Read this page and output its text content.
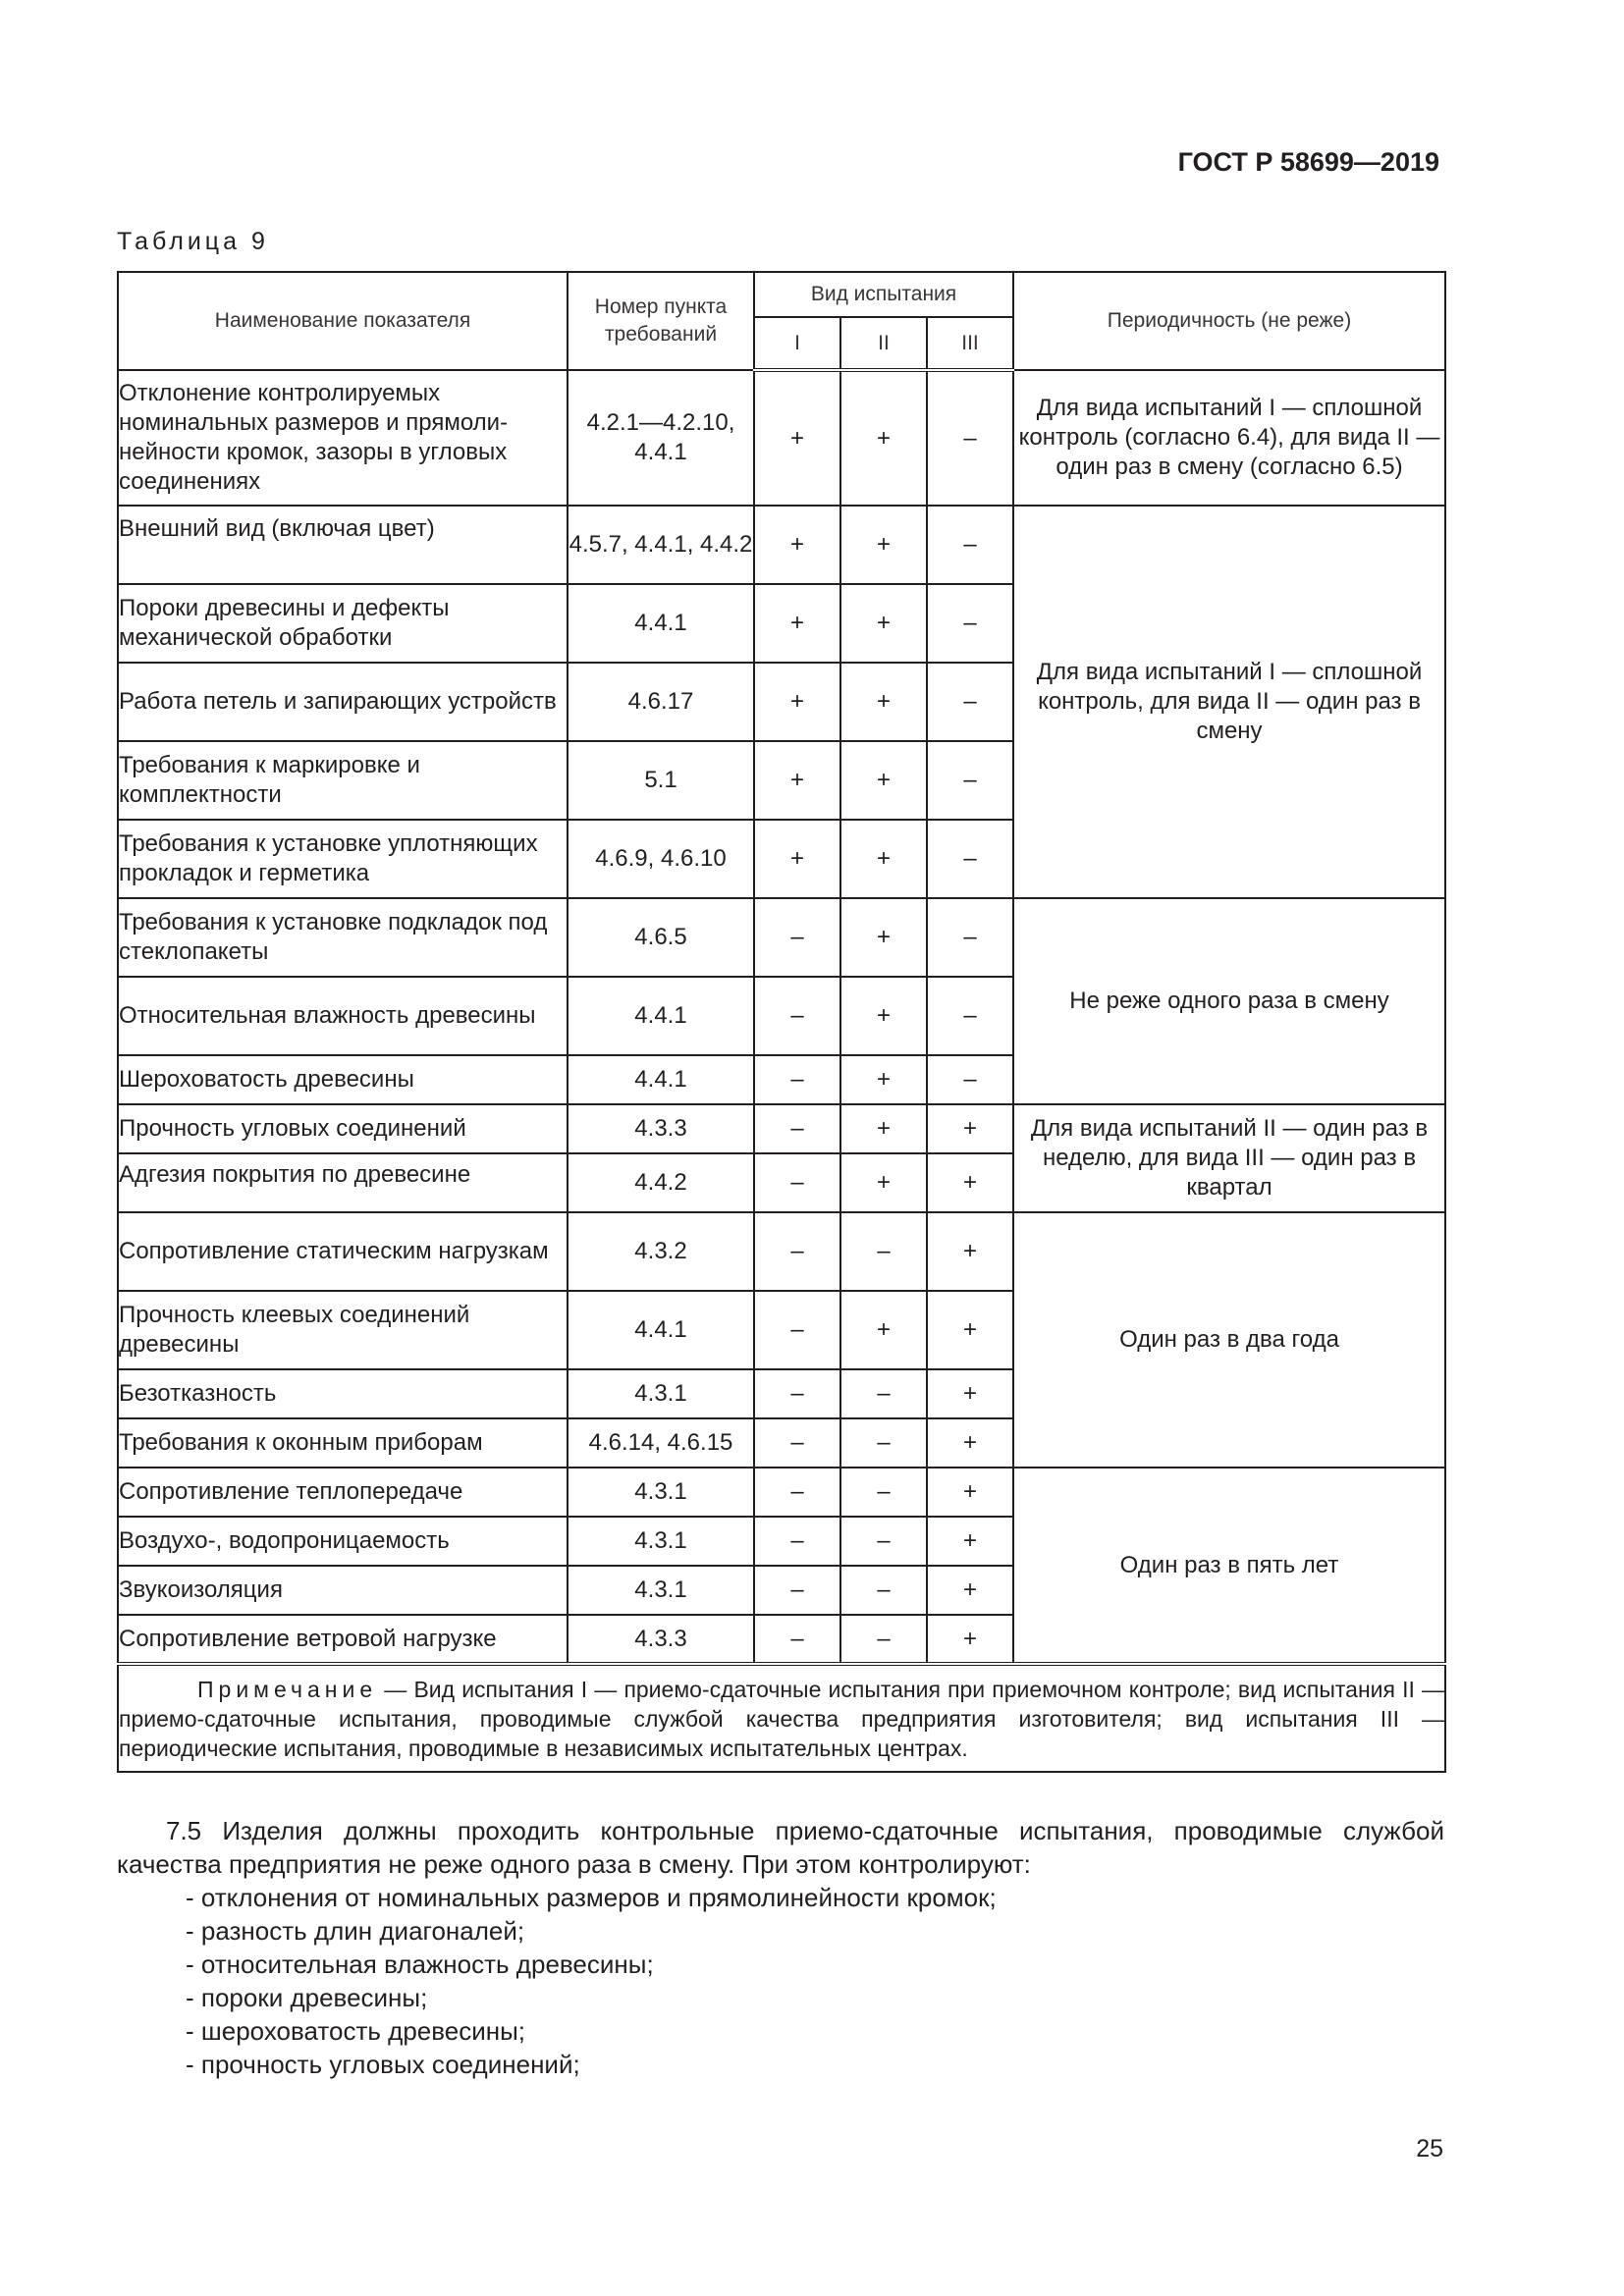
ГОСТ Р 58699—2019
Таблица 9
Наименование показателя	Номер пункта требований	Вид испытания			Периодичность (не реже)
		I	II	III	
Отклонение контролируемых номинальных размеров и прямолинейности кромок, зазоры в угловых соединениях	4.2.1—4.2.10, 4.4.1	+	+	–	Для вида испытаний I — сплошной контроль (согласно 6.4), для вида II — один раз в смену (согласно 6.5)
Внешний вид (включая цвет)	4.5.7, 4.4.1, 4.4.2	+	+	–	Для вида испытаний I — сплошной контроль, для вида II — один раз в смену
Пороки древесины и дефекты механической обработки	4.4.1	+	+	–	
Работа петель и запирающих устройств	4.6.17	+	+	–	
Требования к маркировке и комплектности	5.1	+	+	–	
Требования к установке уплотняющих прокладок и герметика	4.6.9, 4.6.10	+	+	–	
Требования к установке подкладок под стеклопакеты	4.6.5	–	+	–	Не реже одного раза в смену
Относительная влажность древесины	4.4.1	–	+	–	
Шероховатость древесины	4.4.1	–	+	–	
Прочность угловых соединений	4.3.3	–	+	+	Для вида испытаний II — один раз в неделю, для вида III — один раз в квартал
Адгезия покрытия по древесине	4.4.2	–	+	+	
Сопротивление статическим нагрузкам	4.3.2	–	–	+	Один раз в два года
Прочность клеевых соединений древесины	4.4.1	–	+	+	
Безотказность	4.3.1	–	–	+	
Требования к оконным приборам	4.6.14, 4.6.15	–	–	+	
Сопротивление теплопередаче	4.3.1	–	–	+	Один раз в пять лет
Воздухо-, водопроницаемость	4.3.1	–	–	+	
Звукоизоляция	4.3.1	–	–	+	
Сопротивление ветровой нагрузке	4.3.3	–	–	+	
Примечание — Вид испытания I — приемо-сдаточные испытания при приемочном контроле; вид испытания II — приемо-сдаточные испытания, проводимые службой качества предприятия изготовителя; вид испытания III — периодические испытания, проводимые в независимых испытательных центрах.					

7.5 Изделия должны проходить контрольные приемо-сдаточные испытания, проводимые службой качества предприятия не реже одного раза в смену. При этом контролируют:

- отклонения от номинальных размеров и прямолинейности кромок;
- разность длин диагоналей;
- относительная влажность древесины;
- пороки древесины;
- шероховатость древесины;
- прочность угловых соединений;
25
